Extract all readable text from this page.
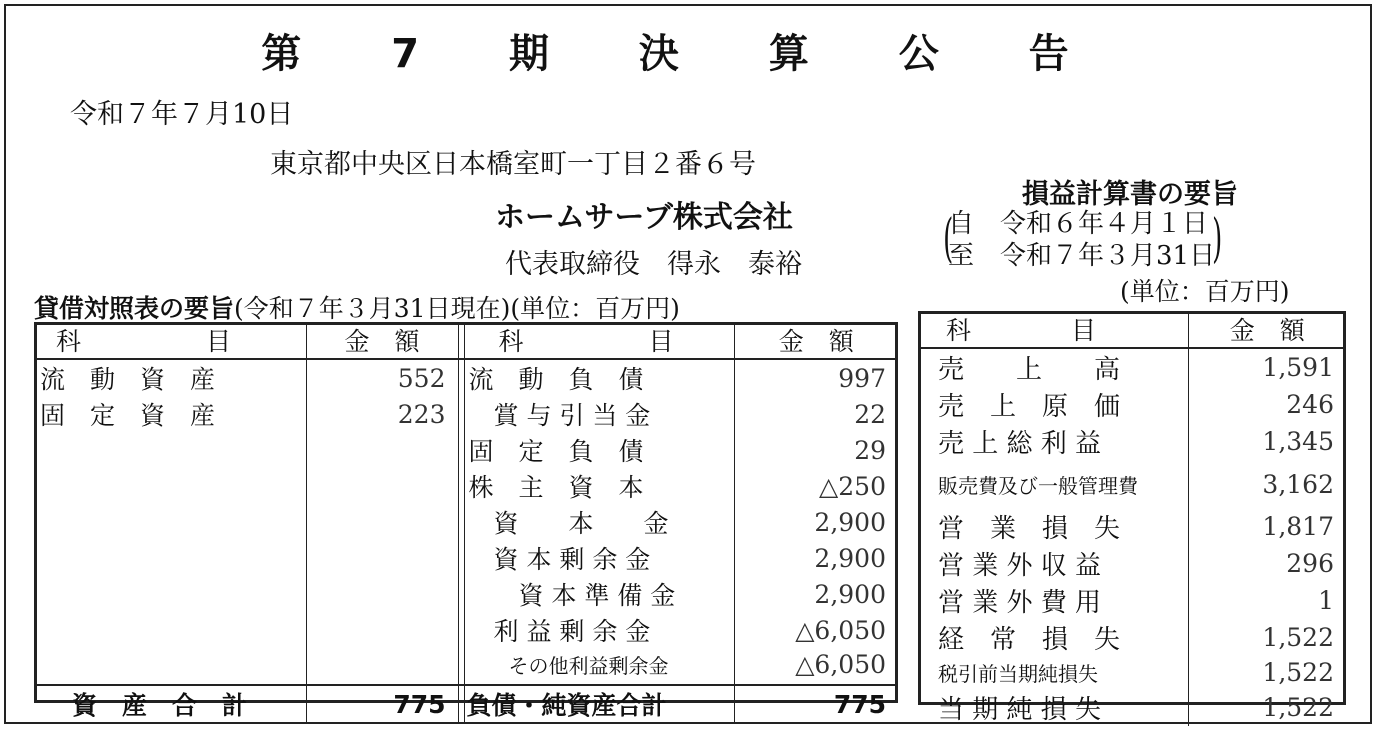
第 7 期 決 算 公 告
令和７年７月10日
東京都中央区日本橋室町一丁目２番６号
ホームサーブ株式会社
代表取締役　得永　泰裕
貸借対照表の要旨(令和７年３月31日現在)(単位：百万円)
科　　　　　目	金　額		科　　　　　目	金　額
流　動　資　産	552		流　動　負　債	997
固　定　資　産	223		　賞 与 引 当 金	22
			固　定　負　債	29
			株　主　資　本	△250
			　資　　本　　金	2,900
			　資 本 剰 余 金	2,900
			　　資 本 準 備 金	2,900
			　利 益 剰 余 金	△6,050
			　　その他利益剰余金	△6,050

資　産　合　計	775		負債・純資産合計	775
損益計算書の要旨
(
自　令和６年４月１日
至　令和７年３月31日
)
(単位：百万円)
科　　　　目	金　額
売　　上　　高	1,591
売　上　原　価	246
売 上 総 利 益	1,345
販売費及び一般管理費	3,162
営　業　損　失	1,817
営 業 外 収 益	296
営 業 外 費 用	1
経　常　損　失	1,522
税引前当期純損失	1,522
当 期 純 損 失	1,522
